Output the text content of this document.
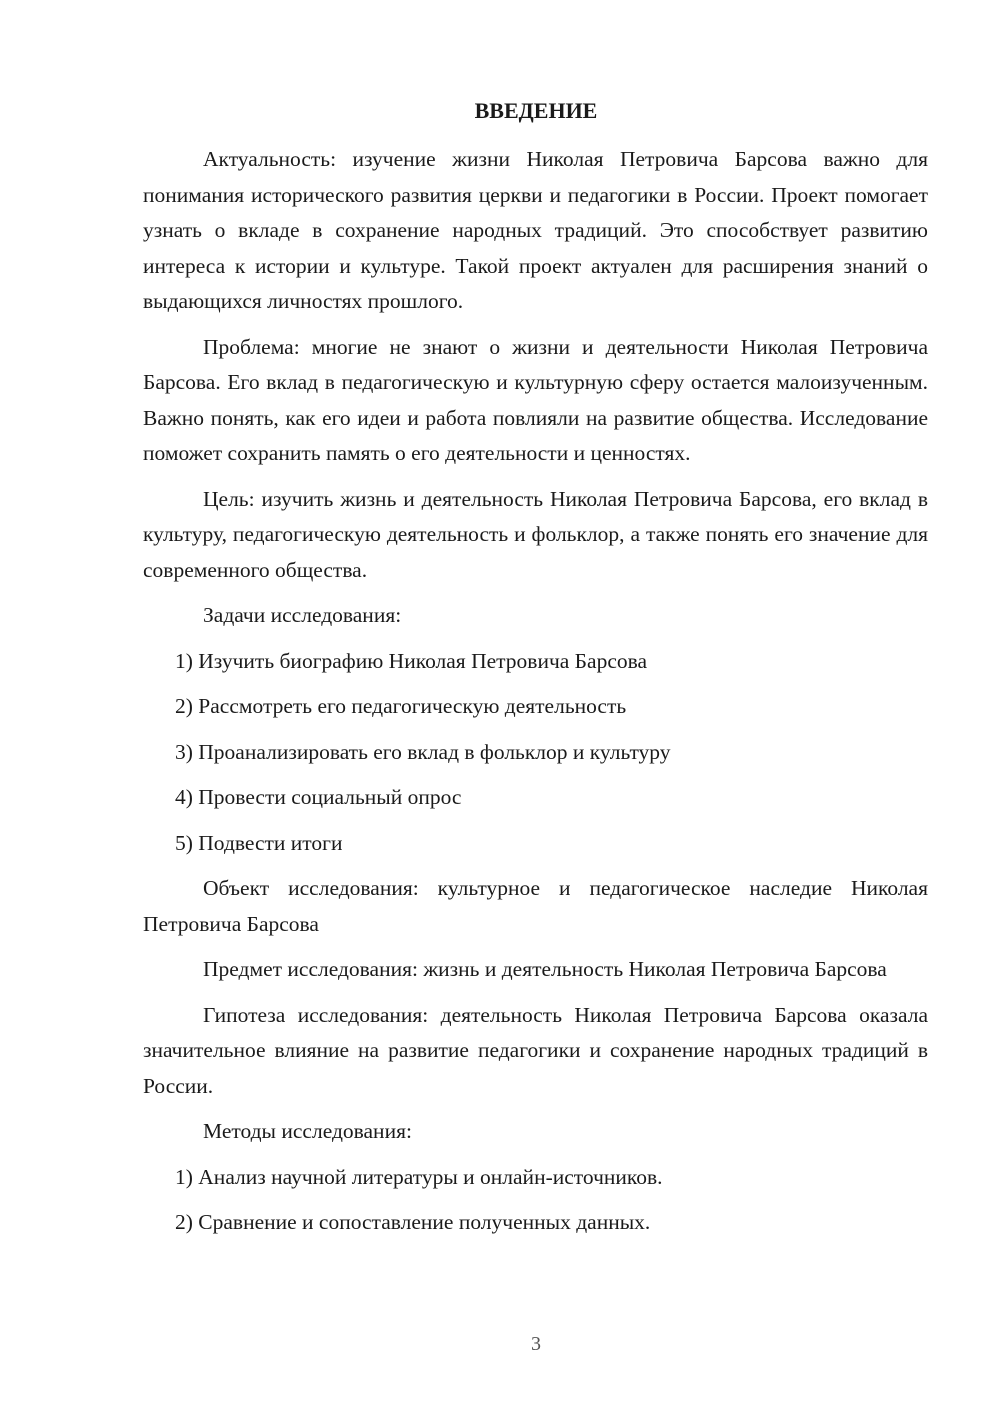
ВВЕДЕНИЕ

Актуальность: изучение жизни Николая Петровича Барсова важно для понимания исторического развития церкви и педагогики в России. Проект помогает узнать о вкладе в сохранение народных традиций. Это способствует развитию интереса к истории и культуре. Такой проект актуален для расширения знаний о выдающихся личностях прошлого.

Проблема: многие не знают о жизни и деятельности Николая Петровича Барсова. Его вклад в педагогическую и культурную сферу остается малоизученным. Важно понять, как его идеи и работа повлияли на развитие общества. Исследование поможет сохранить память о его деятельности и ценностях.

Цель: изучить жизнь и деятельность Николая Петровича Барсова, его вклад в культуру, педагогическую деятельность и фольклор, а также понять его значение для современного общества.

Задачи исследования:

1) Изучить биографию Николая Петровича Барсова

2) Рассмотреть его педагогическую деятельность

3) Проанализировать его вклад в фольклор и культуру

4) Провести социальный опрос

5) Подвести итоги

Объект исследования: культурное и педагогическое наследие Николая Петровича Барсова

Предмет исследования: жизнь и деятельность Николая Петровича Барсова

Гипотеза исследования: деятельность Николая Петровича Барсова оказала значительное влияние на развитие педагогики и сохранение народных традиций в России.

Методы исследования:

1) Анализ научной литературы и онлайн-источников.

2) Сравнение и сопоставление полученных данных.

3
